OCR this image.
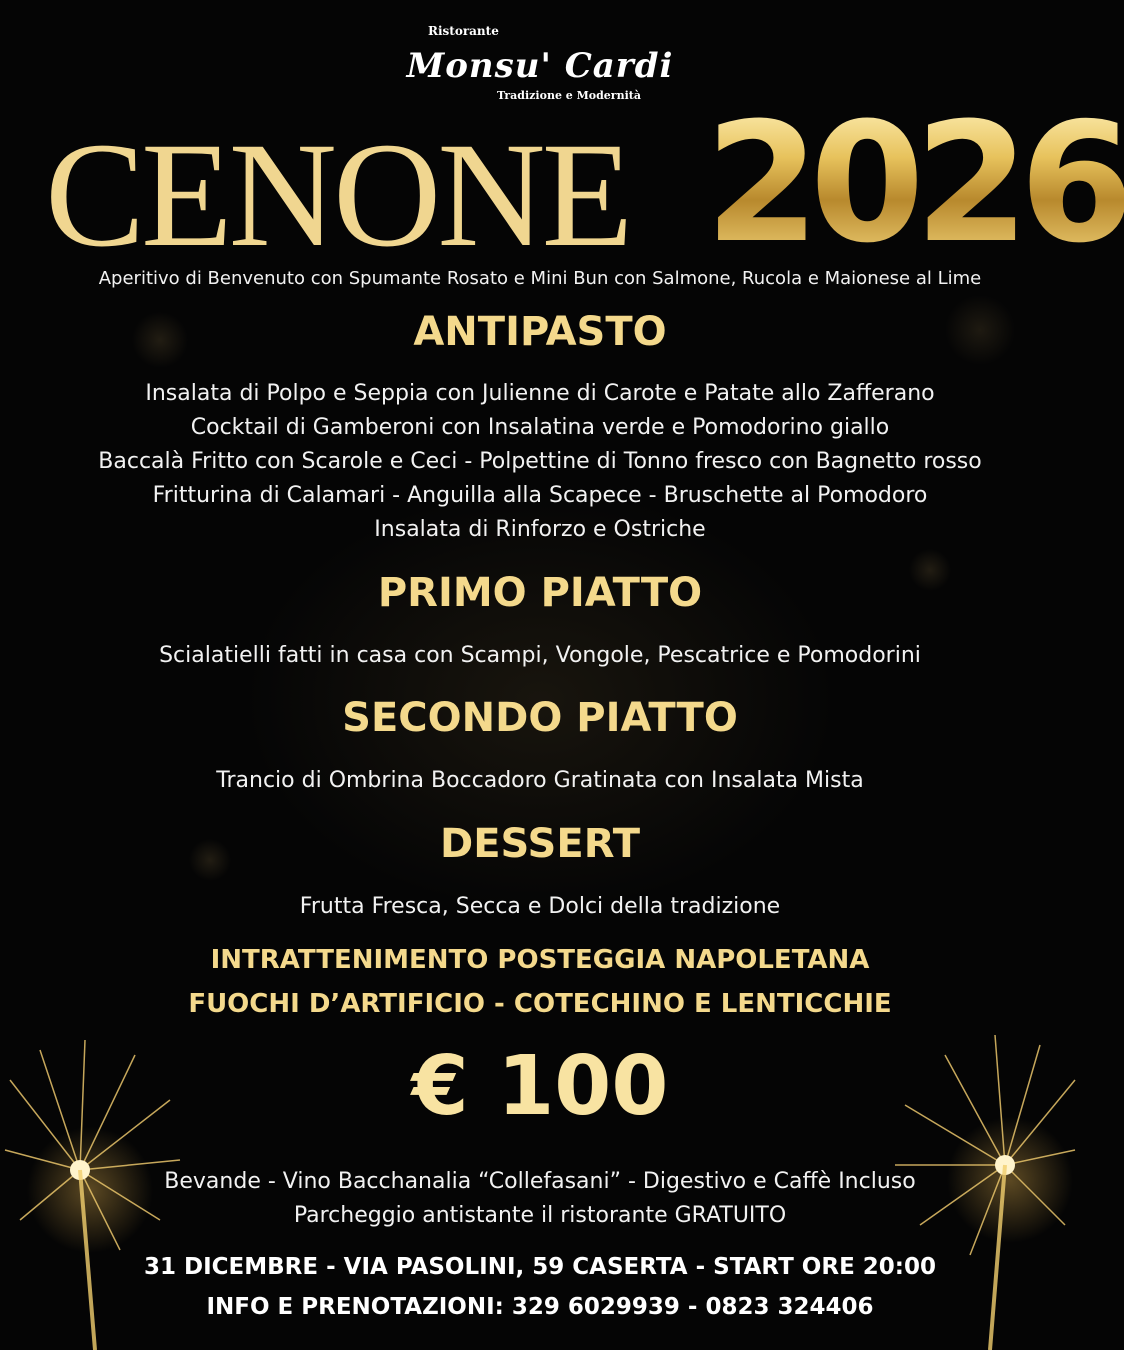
Ristorante
Monsu' Cardi
Tradizione e Modernità
CENONE 2026
Aperitivo di Benvenuto con Spumante Rosato e Mini Bun con Salmone, Rucola e Maionese al Lime
ANTIPASTO
Insalata di Polpo e Seppia con Julienne di Carote e Patate allo Zafferano
Cocktail di Gamberoni con Insalatina verde e Pomodorino giallo
Baccalà Fritto con Scarole e Ceci - Polpettine di Tonno fresco con Bagnetto rosso
Fritturina di Calamari - Anguilla alla Scapece - Bruschette al Pomodoro
Insalata di Rinforzo e Ostriche
PRIMO PIATTO
Scialatielli fatti in casa con Scampi, Vongole, Pescatrice e Pomodorini
SECONDO PIATTO
Trancio di Ombrina Boccadoro Gratinata con Insalata Mista
DESSERT
Frutta Fresca, Secca e Dolci della tradizione
INTRATTENIMENTO POSTEGGIA NAPOLETANA
FUOCHI D’ARTIFICIO - COTECHINO E LENTICCHIE
€ 100
Bevande - Vino Bacchanalia “Collefasani” - Digestivo e Caffè Incluso
Parcheggio antistante il ristorante GRATUITO
31 DICEMBRE - VIA PASOLINI, 59 CASERTA - START ORE 20:00
INFO E PRENOTAZIONI: 329 6029939 - 0823 324406
